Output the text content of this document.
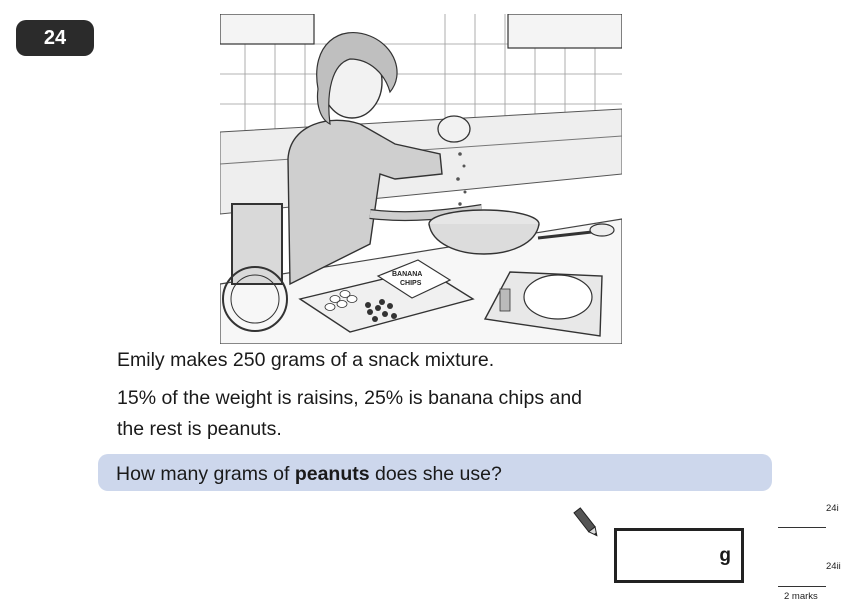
24
BANANA
CHIPS
Emily makes 250 grams of a snack mixture.
15% of the weight is raisins, 25% is banana chips and
the rest is peanuts.
How many grams of peanuts does she use?
g
24i
24ii
2 marks
